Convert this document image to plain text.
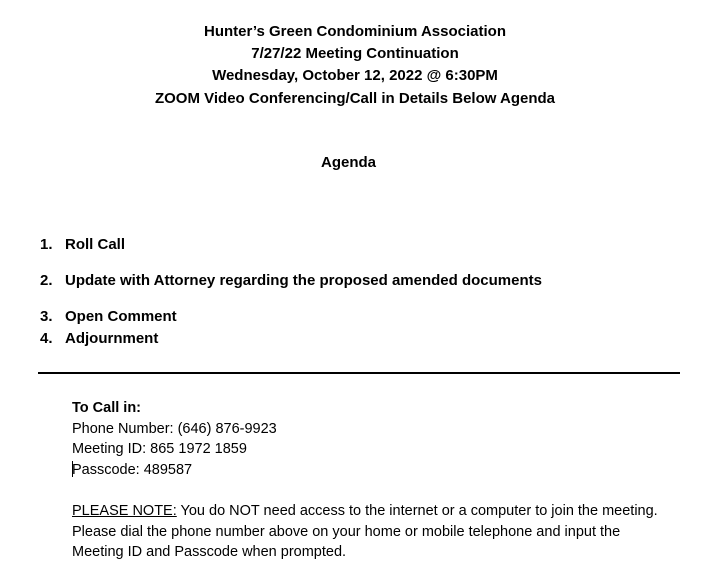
Hunter’s Green Condominium Association
7/27/22 Meeting Continuation
Wednesday, October 12, 2022 @ 6:30PM
ZOOM Video Conferencing/Call in Details Below Agenda
Agenda
1. Roll Call
2. Update with Attorney regarding the proposed amended documents
3. Open Comment
4. Adjournment
To Call in:
Phone Number: (646) 876-9923
Meeting ID: 865 1972 1859
Passcode: 489587
PLEASE NOTE: You do NOT need access to the internet or a computer to join the meeting. Please dial the phone number above on your home or mobile telephone and input the Meeting ID and Passcode when prompted.
